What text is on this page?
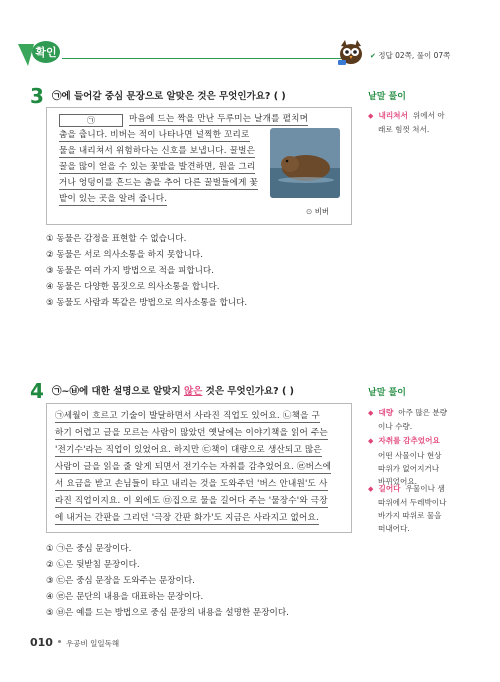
확인	✔ 정답 02쪽, 풀이 07쪽
3 ㉠에 들어갈 중심 문장으로 알맞은 것은 무엇인가요? ( )
㉠	마음에 드는 짝을 만난 두루미는 날개를 펼치며
춤을 춥니다. 비버는 적이 나타나면 널찍한 꼬리로
물을 내리쳐서 위험하다는 신호를 보냅니다. 꿀벌은
꿀을 많이 얻을 수 있는 꽃밭을 발견하면, 원을 그리
거나 엉덩이를 흔드는 춤을 추어 다른 꿀벌들에게 꽃
밭이 있는 곳을 알려 줍니다.
⊙ 비버
① 동물은 감정을 표현할 수 없습니다.
② 동물은 서로 의사소통을 하지 못합니다.
③ 동물은 여러 가지 방법으로 적을 피합니다.
④ 동물은 다양한 몸짓으로 의사소통을 합니다.
⑤ 동물도 사람과 똑같은 방법으로 의사소통을 합니다.
낱말 풀이
◆ 내리쳐서 위에서 아
래로 힘껏 쳐서.
4 ㉠~㉥에 대한 설명으로 알맞지 않은 것은 무엇인가요? ( )
㉠세월이 흐르고 기술이 발달하면서 사라진 직업도 있어요. ㉡책을 구
하기 어렵고 글을 모르는 사람이 많았던 옛날에는 이야기책을 읽어 주는
'전기수'라는 직업이 있었어요. 하지만 ㉢책이 대량으로 생산되고 많은
사람이 글을 읽을 줄 알게 되면서 전기수는 자취를 감추었어요. ㉣버스에
서 요금을 받고 손님들이 타고 내리는 것을 도와주던 '버스 안내원'도 사
라진 직업이지요. 이 외에도 ㉤집으로 물을 길어다 주는 '물장수'와 극장
에 내거는 간판을 그리던 '극장 간판 화가'도 지금은 사라지고 없어요.
① ㉠은 중심 문장이다.
② ㉡은 뒷받침 문장이다.
③ ㉢은 중심 문장을 도와주는 문장이다.
④ ㉣은 문단의 내용을 대표하는 문장이다.
⑤ ㉥은 예를 드는 방법으로 중심 문장의 내용을 설명한 문장이다.
낱말 풀이
◆ 대량 아주 많은 분량
이나 수량.
◆ 자취를 감추었어요
어떤 사물이나 현상
따위가 없어지거나
바뀌었어요.
◆ 길어다 우물이나 샘
따위에서 두레박이나
바가지 따위로 물을
떠내어다.
010 우공비 일일독해
